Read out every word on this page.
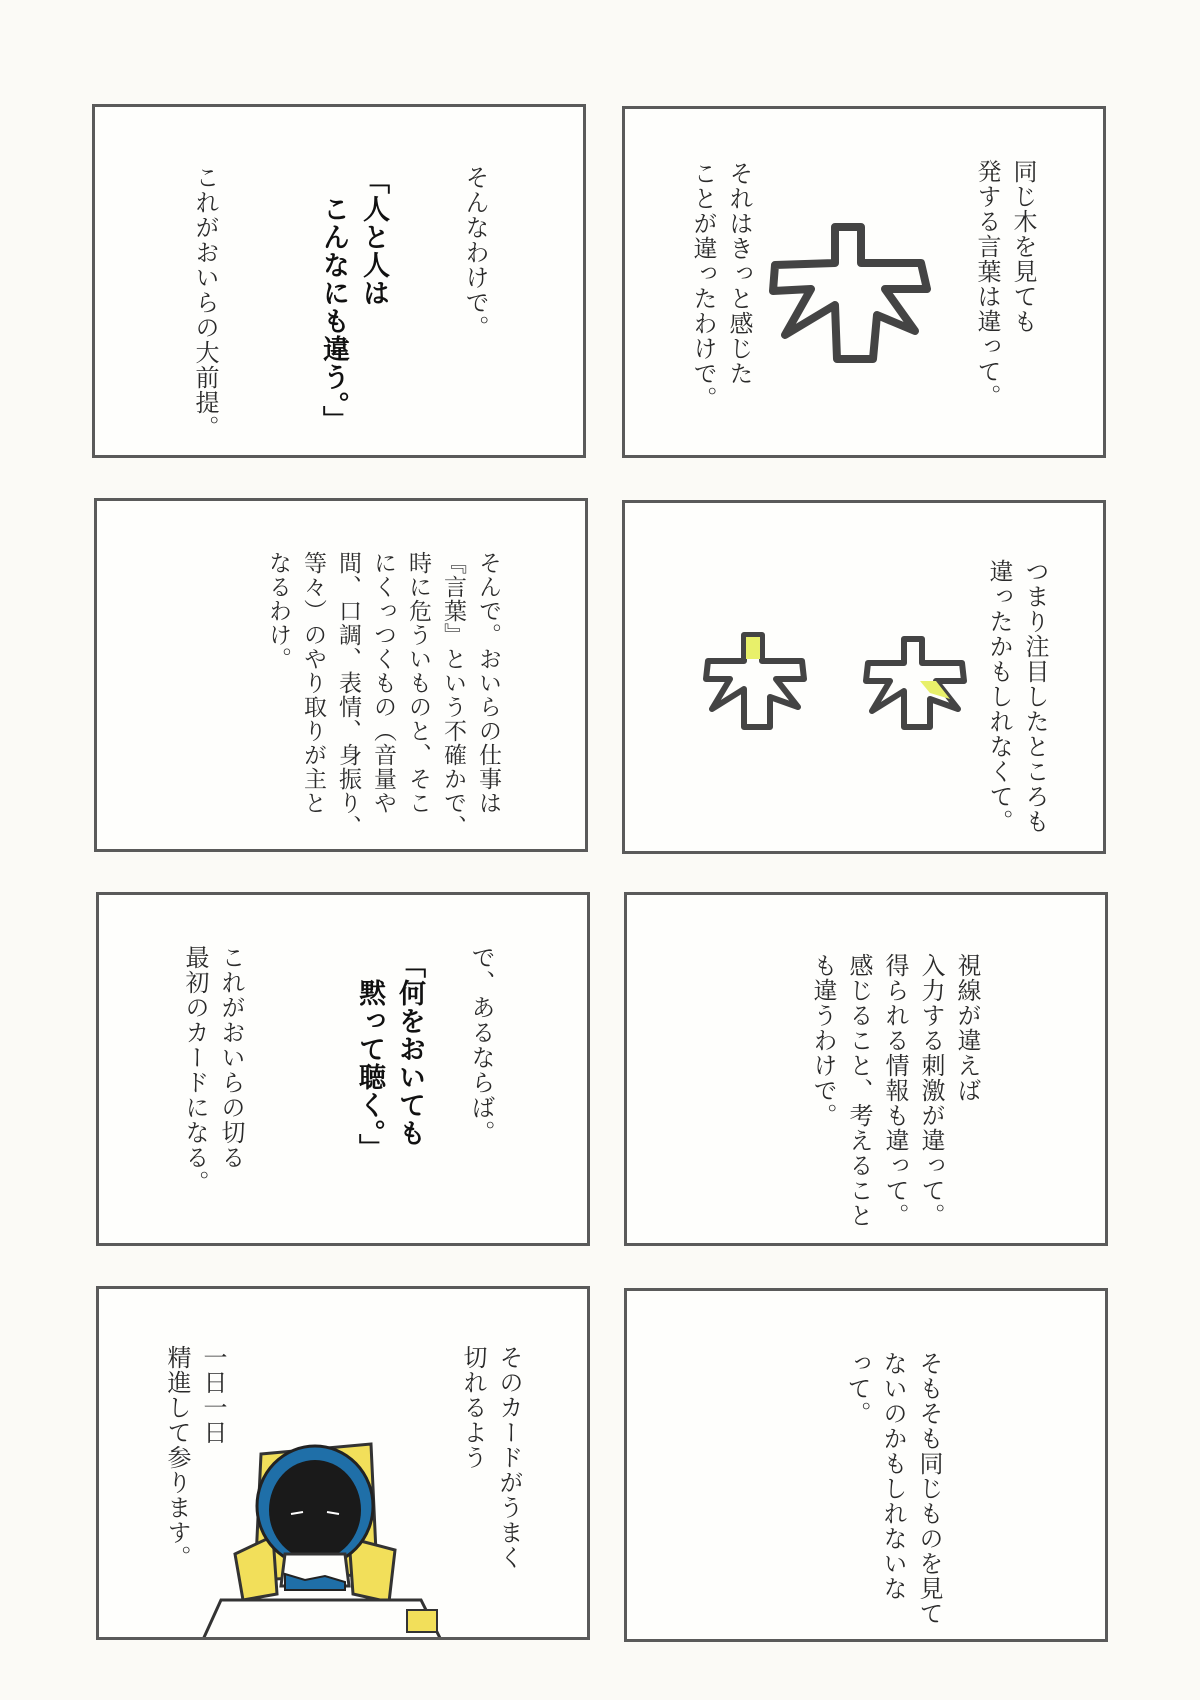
同じ木を見ても
発する言葉は違って。
それはきっと感じた
ことが違ったわけで。
そんなわけで。
「人と人は
　こんなにも違う。」
これがおいらの大前提。
つまり注目したところも
違ったかもしれなくて。
そんで。おいらの仕事は
『言葉』という不確かで、
時に危ういものと、そこ
にくっつくもの（音量や
間、口調、表情、身振り、
等々）のやり取りが主と
なるわけ。
視線が違えば
入力する刺激が違って。
得られる情報も違って。
感じること、考えること
も違うわけで。
で、あるならば。
「何をおいても
　黙って聴く。」
これがおいらの切る
最初のカードになる。
そもそも同じものを見て
ないのかもしれないな
って。
そのカードがうまく
切れるよう
一日一日
精進して参ります。
